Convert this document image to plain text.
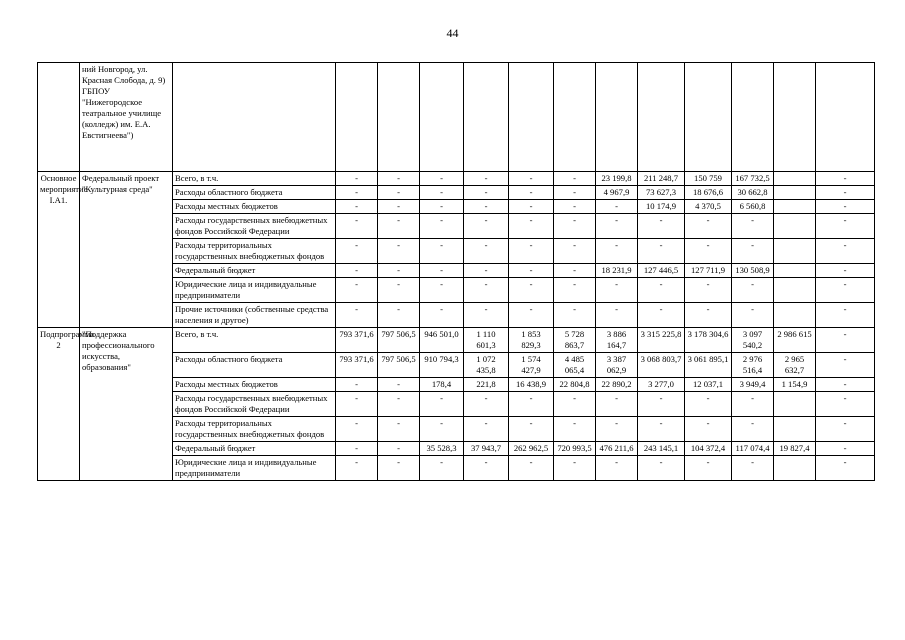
44
	ний Новгород, ул. Красная Слобода, д. 9) ГБПОУ "Нижегородское театральное училище (колледж) им. Е.А. Евстигнеева")													
Основное мероприятие I.A1.	Федеральный проект "Культурная среда"	Всего, в т.ч.	-	-	-	-	-	-	23 199,8	211 248,7	150 759	167 732,5		-
		Расходы областного бюджета	-	-	-	-	-	-	4 967,9	73 627,3	18 676,6	30 662,8		-
		Расходы местных бюджетов	-	-	-	-	-	-	-	10 174,9	4 370,5	6 560,8		-
		Расходы государственных внебюджетных фондов Российской Федерации	-	-	-	-	-	-	-	-	-	-		-
		Расходы территориальных государственных внебюджетных фондов	-	-	-	-	-	-	-	-	-	-		-
		Федеральный бюджет	-	-	-	-	-	-	18 231,9	127 446,5	127 711,9	130 508,9		-
		Юридические лица и индивидуальные предприниматели	-	-	-	-	-	-	-	-	-	-		-
		Прочие источники (собственные средства населения и другое)	-	-	-	-	-	-	-	-	-	-		-
Подпрограмма 2	"Поддержка профессионального искусства, образования"	Всего, в т.ч.	793 371,6	797 506,5	946 501,0	1 110 601,3	1 853 829,3	5 728 863,7	3 886 164,7	3 315 225,8	3 178 304,6	3 097 540,2	2 986 615	-
		Расходы областного бюджета	793 371,6	797 506,5	910 794,3	1 072 435,8	1 574 427,9	4 485 065,4	3 387 062,9	3 068 803,7	3 061 895,1	2 976 516,4	2 965 632,7	-
		Расходы местных бюджетов	-	-	178,4	221,8	16 438,9	22 804,8	22 890,2	3 277,0	12 037,1	3 949,4	1 154,9	-
		Расходы государственных внебюджетных фондов Российской Федерации	-	-	-	-	-	-	-	-	-	-		-
		Расходы территориальных государственных внебюджетных фондов	-	-	-	-	-	-	-	-	-	-		-
		Федеральный бюджет	-	-	35 528,3	37 943,7	262 962,5	720 993,5	476 211,6	243 145,1	104 372,4	117 074,4	19 827,4	-
		Юридические лица и индивидуальные предприниматели	-	-	-	-	-	-	-	-	-	-		-
